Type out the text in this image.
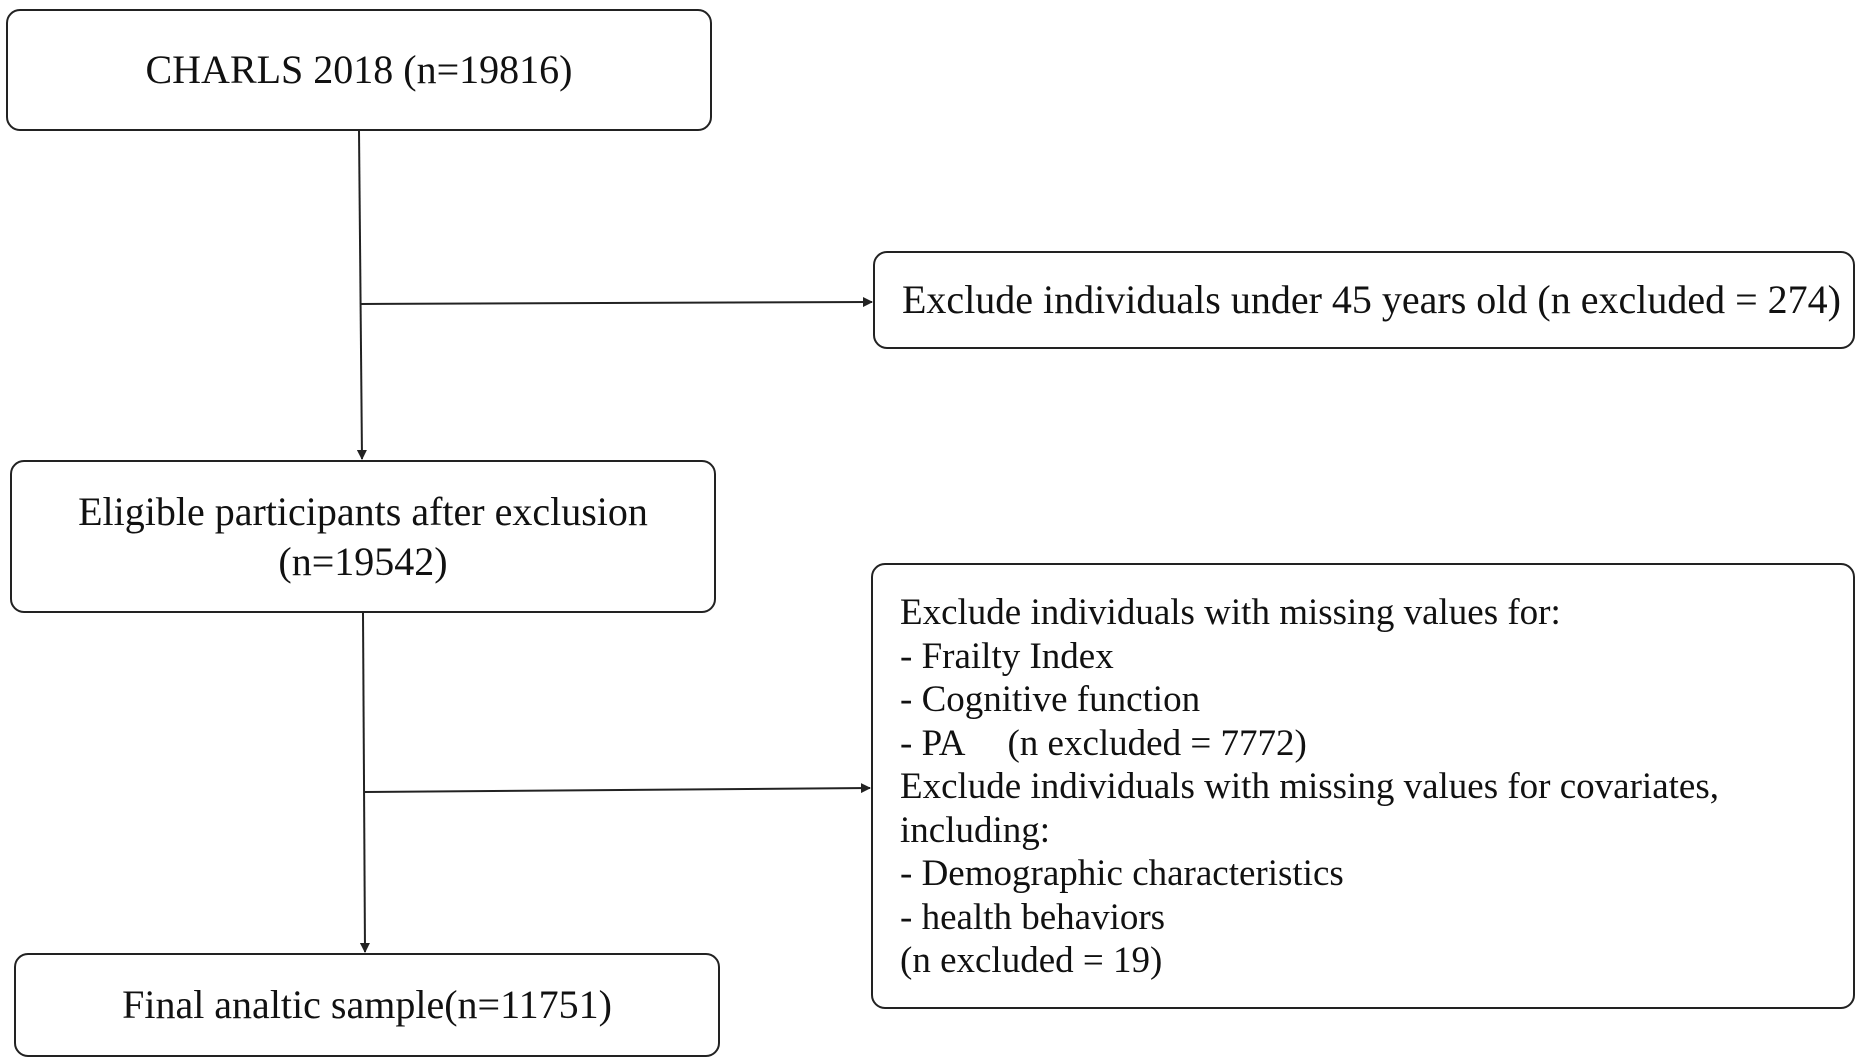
CHARLS 2018 (n=19816)
Exclude individuals under 45 years old (n excluded = 274)
Eligible participants after exclusion
(n=19542)
Exclude individuals with missing values for:
- Frailty Index
- Cognitive function
- PA (n excluded = 7772)
Exclude individuals with missing values for covariates,
including:
- Demographic characteristics
- health behaviors
(n excluded = 19)
Final analtic sample(n=11751)
